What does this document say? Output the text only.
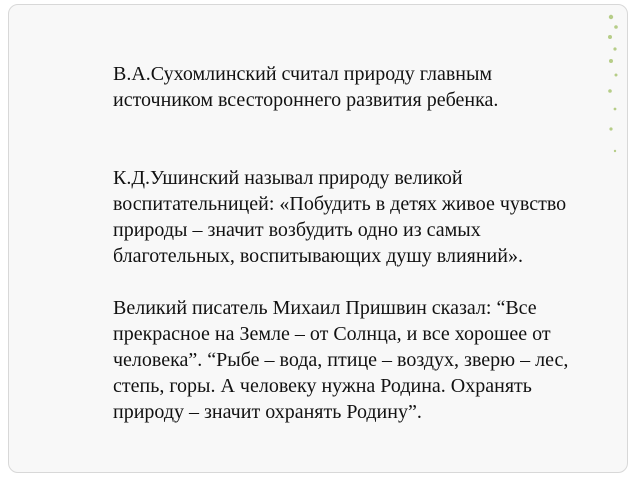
В.А.Сухомлинский считал природу главным
источником всестороннего развития ребенка.

К.Д.Ушинский называл природу великой
воспитательницей: «Побудить в детях живое чувство
природы – значит возбудить одно из самых
благотельных, воспитывающих душу влияний».

Великий писатель Михаил Пришвин сказал: “Все
прекрасное на Земле – от Солнца, и все хорошее от
человека”. “Рыбе – вода, птице – воздух, зверю – лес,
степь, горы. А человеку нужна Родина. Охранять
природу – значит охранять Родину”.
